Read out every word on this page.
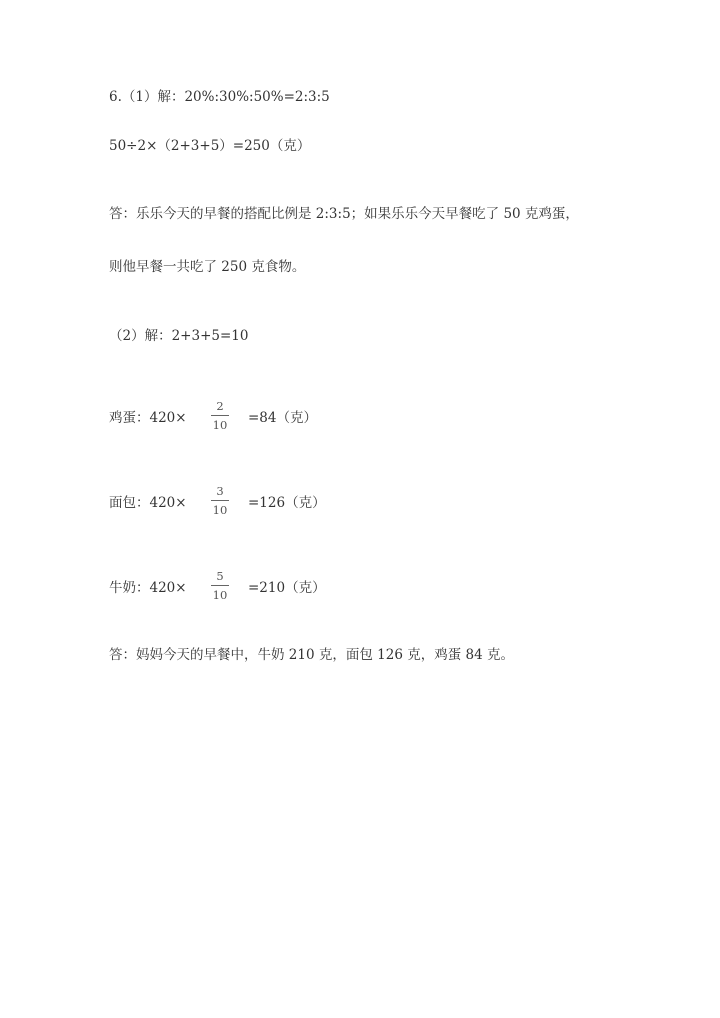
6.（1）解：20%:30%:50%=2:3:5
50÷2×（2+3+5）=250（克）
答：乐乐今天的早餐的搭配比例是 2:3:5；如果乐乐今天早餐吃了 50 克鸡蛋，
则他早餐一共吃了 250 克食物。
（2）解：2+3+5=10
鸡蛋：420×
2
10 =84（克）
面包：420×
3
10 =126（克）
牛奶：420×
5
10 =210（克）
答：妈妈今天的早餐中，牛奶 210 克，面包 126 克，鸡蛋 84 克。
